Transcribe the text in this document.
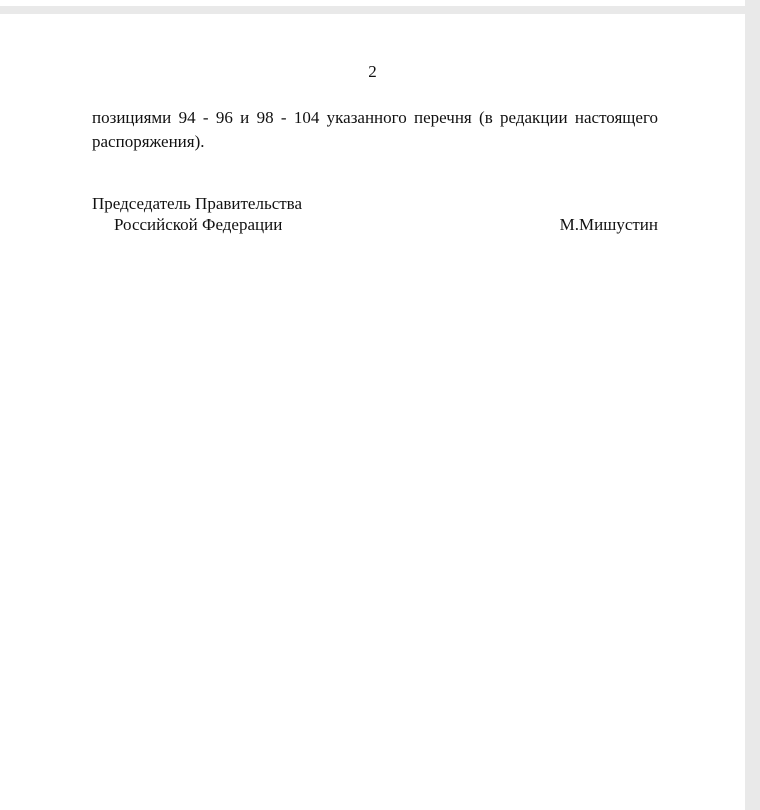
2
позициями 94 - 96 и 98 - 104 указанного перечня (в редакции настоящего
распоряжения).
Председатель Правительства
Российской Федерации	М.Мишустин
